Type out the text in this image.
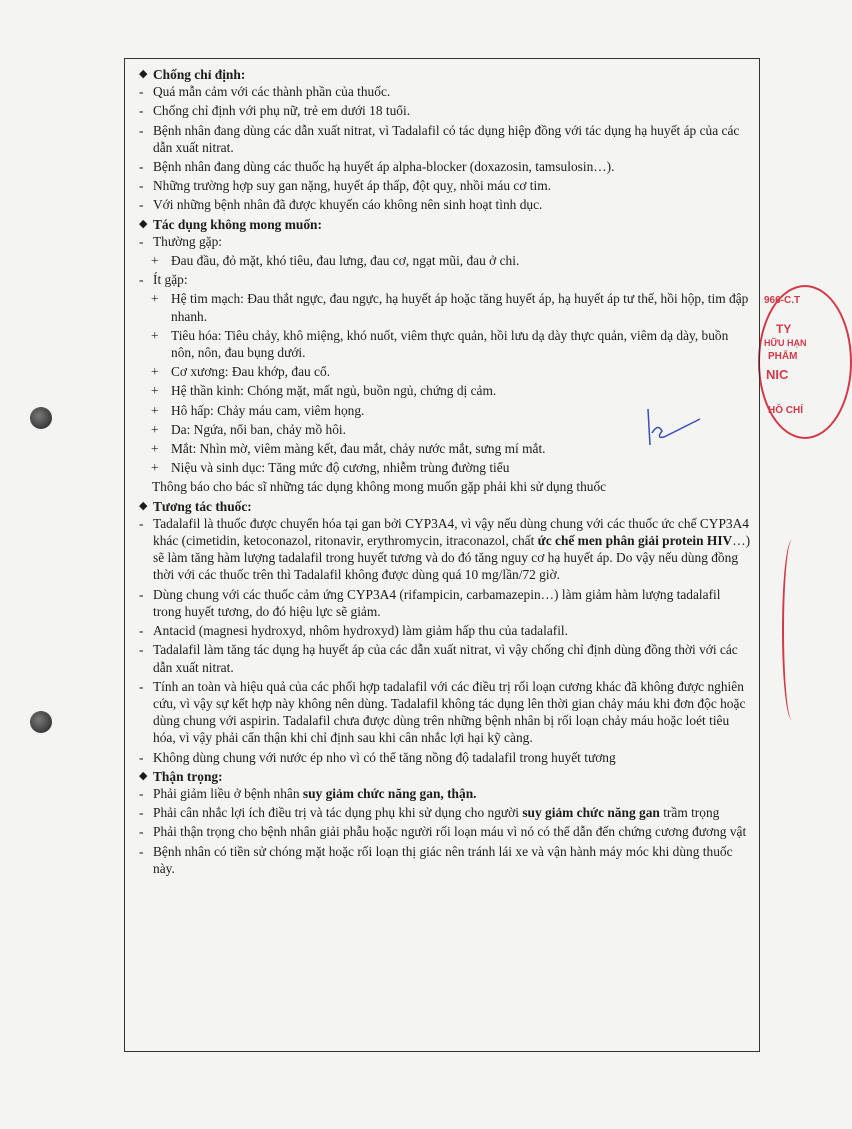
966-C.T
TY
HỮU HẠN
PHẨM
NIC
HỒ CHÍ
◆ Chống chỉ định:
- Quá mẫn cảm với các thành phần của thuốc.
- Chống chỉ định với phụ nữ, trẻ em dưới 18 tuổi.
- Bệnh nhân đang dùng các dẫn xuất nitrat, vì Tadalafil có tác dụng hiệp đồng với tác dụng hạ huyết áp của các dẫn xuất nitrat.
- Bệnh nhân đang dùng các thuốc hạ huyết áp alpha-blocker (doxazosin, tamsulosin…).
- Những trường hợp suy gan nặng, huyết áp thấp, đột quỵ, nhồi máu cơ tim.
- Với những bệnh nhân đã được khuyến cáo không nên sinh hoạt tình dục.
◆ Tác dụng không mong muốn:
- Thường gặp:
+ Đau đầu, đỏ mặt, khó tiêu, đau lưng, đau cơ, ngạt mũi, đau ở chi.
- Ít gặp:
+ Hệ tim mạch: Đau thắt ngực, đau ngực, hạ huyết áp hoặc tăng huyết áp, hạ huyết áp tư thế, hồi hộp, tim đập nhanh.
+ Tiêu hóa: Tiêu chảy, khô miệng, khó nuốt, viêm thực quản, hồi lưu dạ dày thực quản, viêm dạ dày, buồn nôn, nôn, đau bụng dưới.
+ Cơ xương: Đau khớp, đau cổ.
+ Hệ thần kinh: Chóng mặt, mất ngủ, buồn ngủ, chứng dị cảm.
+ Hô hấp: Chảy máu cam, viêm họng.
+ Da: Ngứa, nổi ban, chảy mồ hôi.
+ Mắt: Nhìn mờ, viêm màng kết, đau mắt, chảy nước mắt, sưng mí mắt.
+ Niệu và sinh dục: Tăng mức độ cương, nhiễm trùng đường tiểu
Thông báo cho bác sĩ những tác dụng không mong muốn gặp phải khi sử dụng thuốc
◆ Tương tác thuốc:
- Tadalafil là thuốc được chuyển hóa tại gan bởi CYP3A4, vì vậy nếu dùng chung với các thuốc ức chế CYP3A4 khác (cimetidin, ketoconazol, ritonavir, erythromycin, itraconazol, chất ức chế men phân giải protein HIV…) sẽ làm tăng hàm lượng tadalafil trong huyết tương và do đó tăng nguy cơ hạ huyết áp. Do vậy nếu dùng đồng thời với các thuốc trên thì Tadalafil không được dùng quá 10 mg/lần/72 giờ.
- Dùng chung với các thuốc cảm ứng CYP3A4 (rifampicin, carbamazepin…) làm giảm hàm lượng tadalafil trong huyết tương, do đó hiệu lực sẽ giảm.
- Antacid (magnesi hydroxyd, nhôm hydroxyd) làm giảm hấp thu của tadalafil.
- Tadalafil làm tăng tác dụng hạ huyết áp của các dẫn xuất nitrat, vì vậy chống chỉ định dùng đồng thời với các dẫn xuất nitrat.
- Tính an toàn và hiệu quả của các phối hợp tadalafil với các điều trị rối loạn cương khác đã không được nghiên cứu, vì vậy sự kết hợp này không nên dùng. Tadalafil không tác dụng lên thời gian chảy máu khi đơn độc hoặc dùng chung với aspirin. Tadalafil chưa được dùng trên những bệnh nhân bị rối loạn chảy máu hoặc loét tiêu hóa, vì vậy phải cẩn thận khi chỉ định sau khi cân nhắc lợi hại kỹ càng.
- Không dùng chung với nước ép nho vì có thể tăng nồng độ tadalafil trong huyết tương
◆ Thận trọng:
- Phải giảm liều ở bệnh nhân suy giảm chức năng gan, thận.
- Phải cân nhắc lợi ích điều trị và tác dụng phụ khi sử dụng cho người suy giảm chức năng gan trầm trọng
- Phải thận trọng cho bệnh nhân giải phẫu hoặc người rối loạn máu vì nó có thể dẫn đến chứng cương đương vật
- Bệnh nhân có tiền sử chóng mặt hoặc rối loạn thị giác nên tránh lái xe và vận hành máy móc khi dùng thuốc này.
